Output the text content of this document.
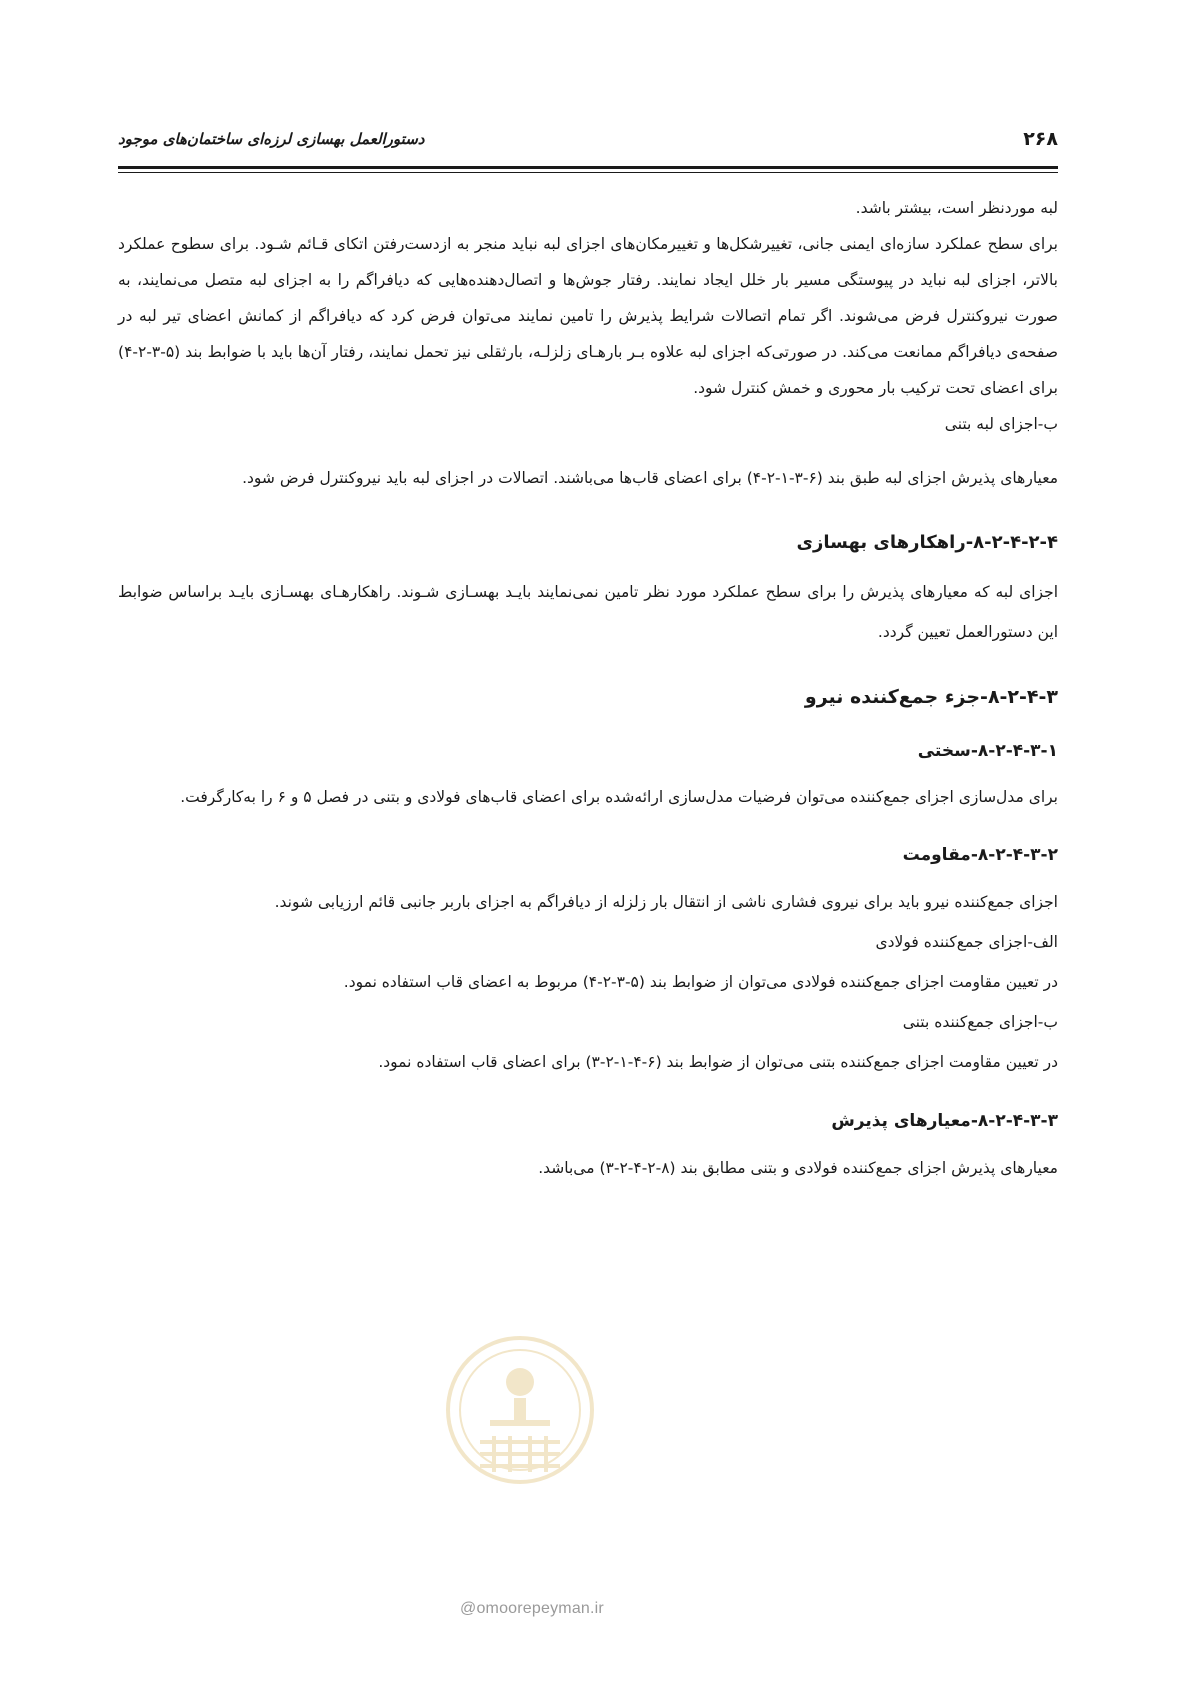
۲۶۸
دستورالعمل بهسازی لرزه‌ای ساختمان‌های موجود

لبه موردنظر است، بیشتر باشد.

برای سطح عملکرد سازه‌ای ایمنی جانی، تغییرشکل‌ها و تغییرمکان‌های اجزای لبه نباید منجر به ازدست‌رفتن اتکای قـائم شـود. برای سطوح عملکرد بالاتر، اجزای لبه نباید در پیوستگی مسیر بار خلل ایجاد نمایند. رفتار جوش‌ها و اتصال‌دهنده‌هایی که دیافراگم را به اجزای لبه متصل می‌نمایند، به صورت نیروکنترل فرض می‌شوند. اگر تمام اتصالات شرایط پذیرش را تامین نمایند می‌توان فرض کرد که دیافراگم از کمانش اعضای تیر لبه در صفحه‌ی دیافراگم ممانعت می‌کند. در صورتی‌که اجزای لبه علاوه بـر بارهـای زلزلـه، بارثقلی نیز تحمل نمایند، رفتار آن‌ها باید با ضوابط بند (۵-۳-۲-۴) برای اعضای تحت ترکیب بار محوری و خمش کنترل شود.

ب-اجزای لبه بتنی

معیارهای پذیرش اجزای لبه طبق بند (۶-۳-۱-۲-۴) برای اعضای قاب‌ها می‌باشند. اتصالات در اجزای لبه باید نیروکنترل فرض شود.

۸-۲-۴-۲-۴-راهکارهای بهسازی

اجزای لبه که معیارهای پذیرش را برای سطح عملکرد مورد نظر تامین نمی‌نمایند بایـد بهسـازی شـوند. راهکارهـای بهسـازی بایـد براساس ضوابط این دستورالعمل تعیین گردد.

۸-۲-۴-۳-جزء جمع‌کننده نیرو

۸-۲-۴-۳-۱-سختی

برای مدل‌سازی اجزای جمع‌کننده می‌توان فرضیات مدل‌سازی ارائه‌شده برای اعضای قاب‌های فولادی و بتنی در فصل ۵ و ۶ را به‌کارگرفت.

۸-۲-۴-۳-۲-مقاومت

اجزای جمع‌کننده نیرو باید برای نیروی فشاری ناشی از انتقال بار زلزله از دیافراگم به اجزای باربر جانبی قائم ارزیابی شوند.

الف-اجزای جمع‌کننده فولادی

در تعیین مقاومت اجزای جمع‌کننده فولادی می‌توان از ضوابط بند (۵-۳-۲-۴) مربوط به اعضای قاب استفاده نمود.

ب-اجزای جمع‌کننده بتنی

در تعیین مقاومت اجزای جمع‌کننده بتنی می‌توان از ضوابط بند (۶-۴-۱-۲-۳) برای اعضای قاب استفاده نمود.

۸-۲-۴-۳-۳-معیارهای پذیرش

معیارهای پذیرش اجزای جمع‌کننده فولادی و بتنی مطابق بند (۸-۲-۴-۲-۳) می‌باشد.

@omoorepeyman.ir
